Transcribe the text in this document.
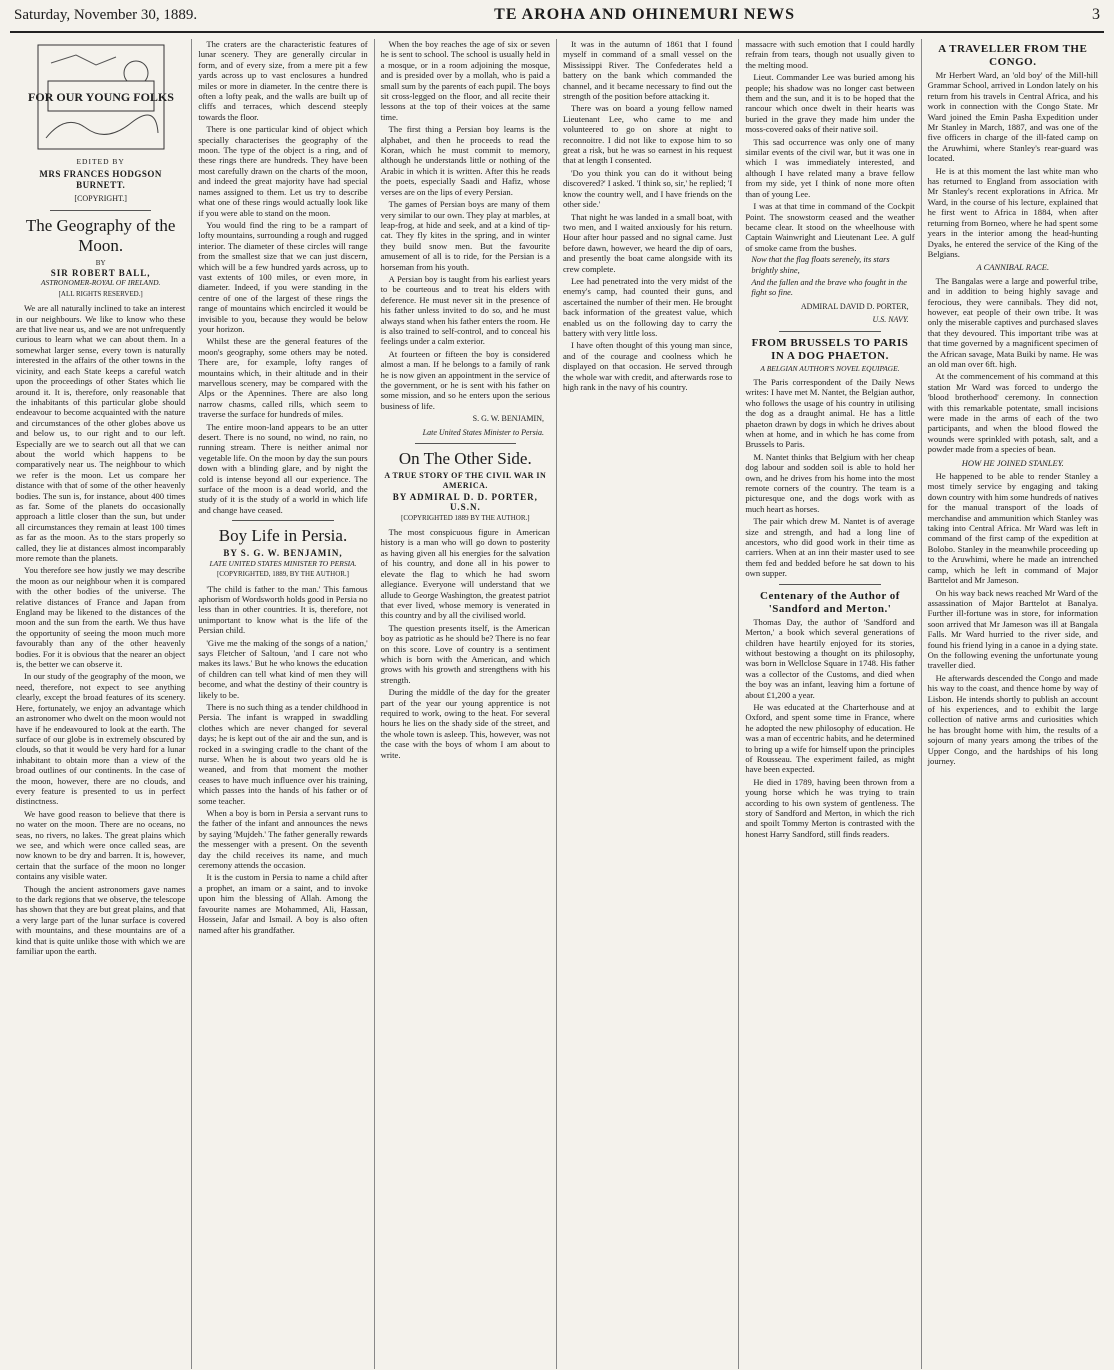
Saturday, November 30, 1889.	TE AROHA AND OHINEMURI NEWS	3
FOR OUR YOUNG FOLKS
EDITED BY
MRS FRANCES HODGSON BURNETT.
[COPYRIGHT.]
The Geography of the Moon.
BY
SIR ROBERT BALL,
ASTRONOMER-ROYAL OF IRELAND.
[ALL RIGHTS RESERVED.]

We are all naturally inclined to take an interest in our neighbours. We like to know who these are that live near us, and we are not unfrequently curious to learn what we can about them. In a somewhat larger sense, every town is naturally interested in the affairs of the other towns in the vicinity, and each State keeps a careful watch upon the proceedings of other States which lie around it. It is, therefore, only reasonable that the inhabitants of this particular globe should endeavour to become acquainted with the nature and circumstances of the other globes above us and below us, to our right and to our left. Especially are we to search out all that we can about the world which happens to be comparatively near us. The neighbour to which we refer is the moon. Let us compare her distance with that of some of the other heavenly bodies. The sun is, for instance, about 400 times as far. Some of the planets do occasionally approach a little closer than the sun, but under all circumstances they remain at least 100 times as far as the moon. As to the stars properly so called, they lie at distances almost incomparably more remote than the planets.

You therefore see how justly we may describe the moon as our neighbour when it is compared with the other bodies of the universe. The relative distances of France and Japan from England may be likened to the distances of the moon and the sun from the earth. We thus have the opportunity of seeing the moon much more favourably than any of the other heavenly bodies. For it is obvious that the nearer an object is, the better we can observe it.

In our study of the geography of the moon, we need, therefore, not expect to see anything clearly, except the broad features of its scenery. Here, fortunately, we enjoy an advantage which an astronomer who dwelt on the moon would not have if he endeavoured to look at the earth. The surface of our globe is in extremely obscured by clouds, so that it would be very hard for a lunar inhabitant to obtain more than a view of the broad outlines of our continents. In the case of the moon, however, there are no clouds, and every feature is presented to us in perfect distinctness.

We have good reason to believe that there is no water on the moon. There are no oceans, no seas, no rivers, no lakes. The great plains which we see, and which were once called seas, are now known to be dry and barren. It is, however, certain that the surface of the moon no longer contains any visible water.

Though the ancient astronomers gave names to the dark regions that we observe, the telescope has shown that they are but great plains, and that a very large part of the lunar surface is covered with mountains, and these mountains are of a kind that is quite unlike those with which we are familiar upon the earth.

The craters are the characteristic features of lunar scenery. They are generally circular in form, and of every size, from a mere pit a few yards across up to vast enclosures a hundred miles or more in diameter. In the centre there is often a lofty peak, and the walls are built up of cliffs and terraces, which descend steeply towards the floor.

There is one particular kind of object which specially characterises the geography of the moon. The type of the object is a ring, and of these rings there are hundreds. They have been most carefully drawn on the charts of the moon, and indeed the great majority have had special names assigned to them. Let us try to describe what one of these rings would actually look like if you were able to stand on the moon.

You would find the ring to be a rampart of lofty mountains, surrounding a rough and rugged interior. The diameter of these circles will range from the smallest size that we can just discern, which will be a few hundred yards across, up to vast extents of 100 miles, or even more, in diameter. Indeed, if you were standing in the centre of one of the largest of these rings the range of mountains which encircled it would be invisible to you, because they would be below your horizon.

Whilst these are the general features of the moon's geography, some others may be noted. There are, for example, lofty ranges of mountains which, in their altitude and in their marvellous scenery, may be compared with the Alps or the Apennines. There are also long narrow chasms, called rills, which seem to traverse the surface for hundreds of miles.

The entire moon-land appears to be an utter desert. There is no sound, no wind, no rain, no running stream. There is neither animal nor vegetable life. On the moon by day the sun pours down with a blinding glare, and by night the cold is intense beyond all our experience. The surface of the moon is a dead world, and the study of it is the study of a world in which life and change have ceased.

Boy Life in Persia.
BY S. G. W. BENJAMIN,
LATE UNITED STATES MINISTER TO PERSIA.
[COPYRIGHTED, 1889, BY THE AUTHOR.]

'The child is father to the man.' This famous aphorism of Wordsworth holds good in Persia no less than in other countries. It is, therefore, not unimportant to know what is the life of the Persian child.

'Give me the making of the songs of a nation,' says Fletcher of Saltoun, 'and I care not who makes its laws.' But he who knows the education of children can tell what kind of men they will become, and what the destiny of their country is likely to be.

There is no such thing as a tender childhood in Persia. The infant is wrapped in swaddling clothes which are never changed for several days; he is kept out of the air and the sun, and is rocked in a swinging cradle to the chant of the nurse. When he is about two years old he is weaned, and from that moment the mother ceases to have much influence over his training, which passes into the hands of his father or of some teacher.

When a boy is born in Persia a servant runs to the father of the infant and announces the news by saying 'Mujdeh.' The father generally rewards the messenger with a present. On the seventh day the child receives its name, and much ceremony attends the occasion.

It is the custom in Persia to name a child after a prophet, an imam or a saint, and to invoke upon him the blessing of Allah. Among the favourite names are Mohammed, Ali, Hassan, Hossein, Jafar and Ismail. A boy is also often named after his grandfather.

When the boy reaches the age of six or seven he is sent to school. The school is usually held in a mosque, or in a room adjoining the mosque, and is presided over by a mollah, who is paid a small sum by the parents of each pupil. The boys sit cross-legged on the floor, and all recite their lessons at the top of their voices at the same time.

The first thing a Persian boy learns is the alphabet, and then he proceeds to read the Koran, which he must commit to memory, although he understands little or nothing of the Arabic in which it is written. After this he reads the poets, especially Saadi and Hafiz, whose verses are on the lips of every Persian.

The games of Persian boys are many of them very similar to our own. They play at marbles, at leap-frog, at hide and seek, and at a kind of tip-cat. They fly kites in the spring, and in winter they build snow men. But the favourite amusement of all is to ride, for the Persian is a horseman from his youth.

A Persian boy is taught from his earliest years to be courteous and to treat his elders with deference. He must never sit in the presence of his father unless invited to do so, and he must always stand when his father enters the room. He is also trained to self-control, and to conceal his feelings under a calm exterior.

At fourteen or fifteen the boy is considered almost a man. If he belongs to a family of rank he is now given an appointment in the service of the government, or he is sent with his father on some mission, and so he enters upon the serious business of life.

S. G. W. BENJAMIN,
Late United States Minister to Persia.
On The Other Side.
A TRUE STORY OF THE CIVIL WAR IN AMERICA.
BY ADMIRAL D. D. PORTER, U.S.N.
[COPYRIGHTED 1889 BY THE AUTHOR.]

The most conspicuous figure in American history is a man who will go down to posterity as having given all his energies for the salvation of his country, and done all in his power to elevate the flag to which he had sworn allegiance. Everyone will understand that we allude to George Washington, the greatest patriot that ever lived, whose memory is venerated in this country and by all the civilised world.

The question presents itself, is the American boy as patriotic as he should be? There is no fear on this score. Love of country is a sentiment which is born with the American, and which grows with his growth and strengthens with his strength.

During the middle of the day for the greater part of the year our young apprentice is not required to work, owing to the heat. For several hours he lies on the shady side of the street, and the whole town is asleep. This, however, was not the case with the boys of whom I am about to write.

It was in the autumn of 1861 that I found myself in command of a small vessel on the Mississippi River. The Confederates held a battery on the bank which commanded the channel, and it became necessary to find out the strength of the position before attacking it.

There was on board a young fellow named Lieutenant Lee, who came to me and volunteered to go on shore at night to reconnoitre. I did not like to expose him to so great a risk, but he was so earnest in his request that at length I consented.

'Do you think you can do it without being discovered?' I asked. 'I think so, sir,' he replied; 'I know the country well, and I have friends on the other side.'

That night he was landed in a small boat, with two men, and I waited anxiously for his return. Hour after hour passed and no signal came. Just before dawn, however, we heard the dip of oars, and presently the boat came alongside with its crew complete.

Lee had penetrated into the very midst of the enemy's camp, had counted their guns, and ascertained the number of their men. He brought back information of the greatest value, which enabled us on the following day to carry the battery with very little loss.

I have often thought of this young man since, and of the courage and coolness which he displayed on that occasion. He served through the whole war with credit, and afterwards rose to high rank in the navy of his country.

massacre with such emotion that I could hardly refrain from tears, though not usually given to the melting mood.

Lieut. Commander Lee was buried among his people; his shadow was no longer cast between them and the sun, and it is to be hoped that the rancour which once dwelt in their hearts was buried in the grave they made him under the moss-covered oaks of their native soil.

This sad occurrence was only one of many similar events of the civil war, but it was one in which I was immediately interested, and although I have related many a brave fellow from my side, yet I think of none more often than of young Lee.

I was at that time in command of the Cockpit Point. The snowstorm ceased and the weather became clear. It stood on the wheelhouse with Captain Wainwright and Lieutenant Lee. A gulf of smoke came from the bushes.

Now that the flag floats serenely, its stars brightly shine,
And the fallen and the brave who fought in the fight so fine.
ADMIRAL DAVID D. PORTER,
U.S. NAVY.
FROM BRUSSELS TO PARIS IN A DOG PHAETON.
A BELGIAN AUTHOR'S NOVEL EQUIPAGE.

The Paris correspondent of the Daily News writes: I have met M. Nantet, the Belgian author, who follows the usage of his country in utilising the dog as a draught animal. He has a little phaeton drawn by dogs in which he drives about when at home, and in which he has come from Brussels to Paris.

M. Nantet thinks that Belgium with her cheap dog labour and sodden soil is able to hold her own, and he drives from his home into the most remote corners of the country. The team is a picturesque one, and the dogs work with as much heart as horses.

The pair which drew M. Nantet is of average size and strength, and had a long line of ancestors, who did good work in their time as carriers. When at an inn their master used to see them fed and bedded before he sat down to his own supper.

Centenary of the Author of 'Sandford and Merton.'

Thomas Day, the author of 'Sandford and Merton,' a book which several generations of children have heartily enjoyed for its stories, without bestowing a thought on its philosophy, was born in Wellclose Square in 1748. His father was a collector of the Customs, and died when the boy was an infant, leaving him a fortune of about £1,200 a year.

He was educated at the Charterhouse and at Oxford, and spent some time in France, where he adopted the new philosophy of education. He was a man of eccentric habits, and he determined to bring up a wife for himself upon the principles of Rousseau. The experiment failed, as might have been expected.

He died in 1789, having been thrown from a young horse which he was trying to train according to his own system of gentleness. The story of Sandford and Merton, in which the rich and spoilt Tommy Merton is contrasted with the honest Harry Sandford, still finds readers.

A TRAVELLER FROM THE CONGO.

Mr Herbert Ward, an 'old boy' of the Mill-hill Grammar School, arrived in London lately on his return from his travels in Central Africa, and his work in connection with the Congo State. Mr Ward joined the Emin Pasha Expedition under Mr Stanley in March, 1887, and was one of the five officers in charge of the ill-fated camp on the Aruwhimi, where Stanley's rear-guard was located.

He is at this moment the last white man who has returned to England from association with Mr Stanley's recent explorations in Africa. Mr Ward, in the course of his lecture, explained that he first went to Africa in 1884, when after returning from Borneo, where he had spent some years in the interior among the head-hunting Dyaks, he entered the service of the King of the Belgians.

A CANNIBAL RACE.

The Bangalas were a large and powerful tribe, and in addition to being highly savage and ferocious, they were cannibals. They did not, however, eat people of their own tribe. It was only the miserable captives and purchased slaves that they devoured. This important tribe was at that time governed by a magnificent specimen of the African savage, Mata Buiki by name. He was an old man over 6ft. high.

At the commencement of his command at this station Mr Ward was forced to undergo the 'blood brotherhood' ceremony. In connection with this remarkable potentate, small incisions were made in the arms of each of the two participants, and when the blood flowed the wounds were sprinkled with potash, salt, and a powder made from a species of bean.

HOW HE JOINED STANLEY.

He happened to be able to render Stanley a most timely service by engaging and taking down country with him some hundreds of natives for the manual transport of the loads of merchandise and ammunition which Stanley was taking into Central Africa. Mr Ward was left in command of the first camp of the expedition at Bolobo. Stanley in the meanwhile proceeding up to the Aruwhimi, where he made an intrenched camp, which he left in command of Major Barttelot and Mr Jameson.

On his way back news reached Mr Ward of the assassination of Major Barttelot at Banalya. Further ill-fortune was in store, for information soon arrived that Mr Jameson was ill at Bangala Falls. Mr Ward hurried to the river side, and found his friend lying in a canoe in a dying state. On the following evening the unfortunate young traveller died.

He afterwards descended the Congo and made his way to the coast, and thence home by way of Lisbon. He intends shortly to publish an account of his experiences, and to exhibit the large collection of native arms and curiosities which he has brought home with him, the results of a sojourn of many years among the tribes of the Upper Congo, and the hardships of his long journey.
